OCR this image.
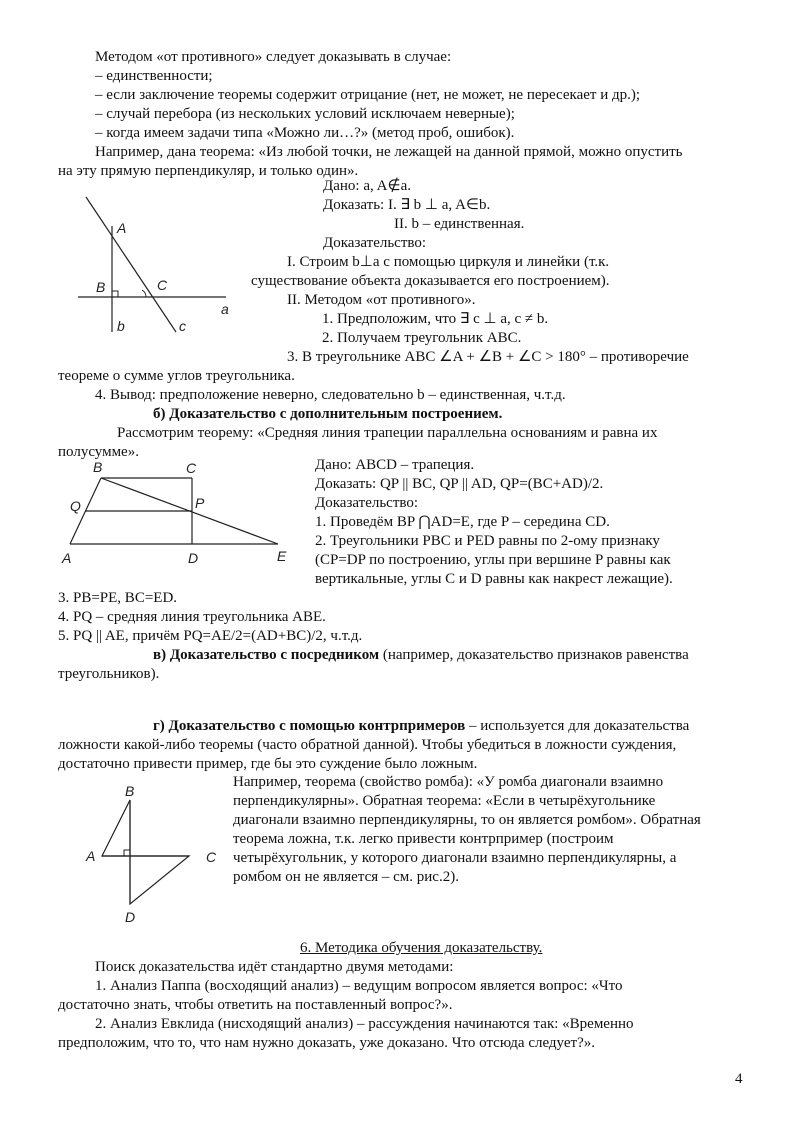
Методом «от противного» следует доказывать в случае:
– единственности;
– если заключение теоремы содержит отрицание (нет, не может, не пересекает и др.);
– случай перебора (из нескольких условий исключаем неверные);
– когда имеем задачи типа «Можно ли…?» (метод проб, ошибок).
Например, дана теорема: «Из любой точки, не лежащей на данной прямой, можно опустить
на эту прямую перпендикуляр, и только один».
A
B	C
a
b	c
Дано: a, A∉a.
Доказать: I. ∃ b ⊥ a, A∈b.
II. b – единственная.
Доказательство:
I. Строим b⊥a с помощью циркуля и линейки (т.к.
существование объекта доказывается его построением).
II. Методом «от противного».
1. Предположим, что ∃ c ⊥ a, c ≠ b.
2. Получаем треугольник ABC.
3. В треугольнике ABC ∠A + ∠B + ∠C > 180° – противоречие
теореме о сумме углов треугольника.
4. Вывод: предположение неверно, следовательно b – единственная, ч.т.д.
б) Доказательство с дополнительным построением.
Рассмотрим теорему: «Средняя линия трапеции параллельна основаниям и равна их
полусумме».
B	C
Q	P
A	D	E
Дано: ABCD – трапеция.
Доказать: QP || BC, QP || AD, QP=(BC+AD)/2.
Доказательство:
1. Проведём BP ⋂AD=E, где P – середина CD.
2. Треугольники PBC и PED равны по 2-ому признаку
(CP=DP по построению, углы при вершине P равны как
вертикальные, углы C и D равны как накрест лежащие).
3. PB=PE, BC=ED.
4. PQ – средняя линия треугольника ABE.
5. PQ || AE, причём PQ=AE/2=(AD+BC)/2, ч.т.д.
в) Доказательство с посредником (например, доказательство признаков равенства
треугольников).
г) Доказательство с помощью контрпримеров – используется для доказательства
ложности какой-либо теоремы (часто обратной данной). Чтобы убедиться в ложности суждения,
достаточно привести пример, где бы это суждение было ложным.
B
A	C
D
Например, теорема (свойство ромба): «У ромба диагонали взаимно
перпендикулярны». Обратная теорема: «Если в четырёхугольнике
диагонали взаимно перпендикулярны, то он является ромбом». Обратная
теорема ложна, т.к. легко привести контрпример (построим
четырёхугольник, у которого диагонали взаимно перпендикулярны, а
ромбом он не является – см. рис.2).
6. Методика обучения доказательству.
Поиск доказательства идёт стандартно двумя методами:
1. Анализ Паппа (восходящий анализ) – ведущим вопросом является вопрос: «Что
достаточно знать, чтобы ответить на поставленный вопрос?».
2. Анализ Евклида (нисходящий анализ) – рассуждения начинаются так: «Временно
предположим, что то, что нам нужно доказать, уже доказано. Что отсюда следует?».
4
